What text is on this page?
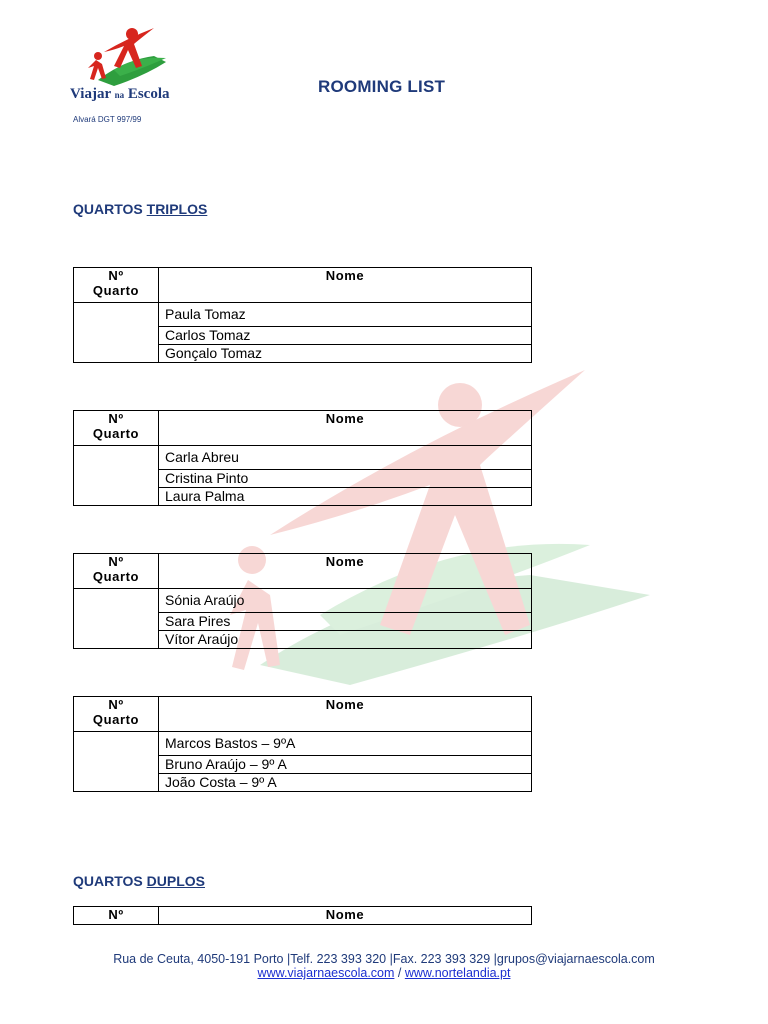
Viajar na Escola
Alvará DGT 997/99
ROOMING LIST
QUARTOS TRIPLOS
Nº
Quarto	Nome
	Paula Tomaz
	Carlos Tomaz
	Gonçalo Tomaz
Nº
Quarto	Nome
	Carla Abreu
	Cristina Pinto
	Laura Palma
Nº
Quarto	Nome
	Sónia Araújo
	Sara Pires
	Vítor Araújo
Nº
Quarto	Nome
	Marcos Bastos – 9ºA
	Bruno Araújo – 9º A
	João Costa – 9º A
QUARTOS DUPLOS
Nº	Nome
Rua de Ceuta, 4050-191 Porto |Telf. 223 393 320 |Fax. 223 393 329 |grupos@viajarnaescola.com
www.viajarnaescola.com / www.nortelandia.pt
